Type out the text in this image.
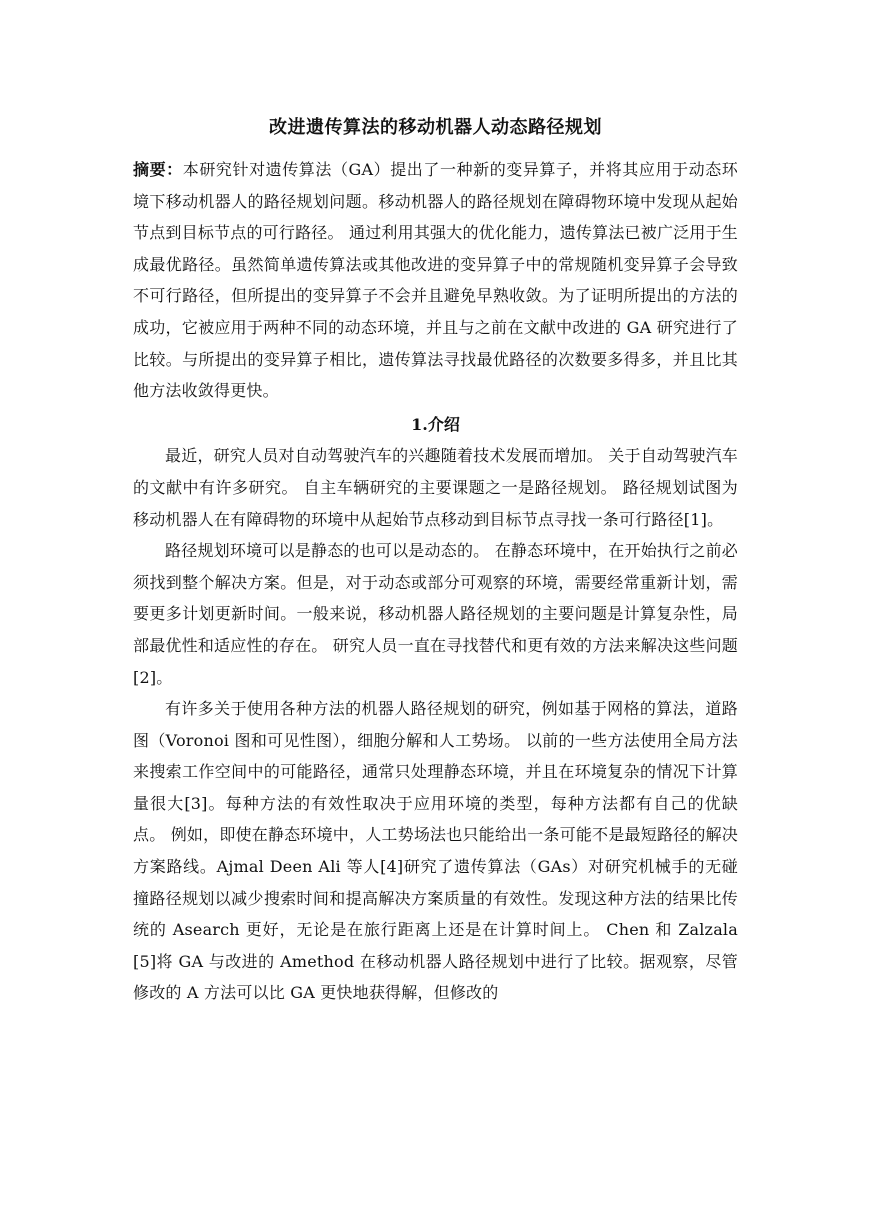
改进遗传算法的移动机器人动态路径规划

摘要：本研究针对遗传算法（GA）提出了一种新的变异算子，并将其应用于动态环境下移动机器人的路径规划问题。移动机器人的路径规划在障碍物环境中发现从起始节点到目标节点的可行路径。 通过利用其强大的优化能力，遗传算法已被广泛用于生成最优路径。虽然简单遗传算法或其他改进的变异算子中的常规随机变异算子会导致不可行路径，但所提出的变异算子不会并且避免早熟收敛。为了证明所提出的方法的成功，它被应用于两种不同的动态环境，并且与之前在文献中改进的 GA 研究进行了比较。与所提出的变异算子相比，遗传算法寻找最优路径的次数要多得多，并且比其他方法收敛得更快。

1.介绍

最近，研究人员对自动驾驶汽车的兴趣随着技术发展而增加。 关于自动驾驶汽车的文献中有许多研究。 自主车辆研究的主要课题之一是路径规划。 路径规划试图为移动机器人在有障碍物的环境中从起始节点移动到目标节点寻找一条可行路径[1]。

路径规划环境可以是静态的也可以是动态的。 在静态环境中，在开始执行之前必须找到整个解决方案。但是，对于动态或部分可观察的环境，需要经常重新计划，需要更多计划更新时间。一般来说，移动机器人路径规划的主要问题是计算复杂性，局部最优性和适应性的存在。 研究人员一直在寻找替代和更有效的方法来解决这些问题[2]。

有许多关于使用各种方法的机器人路径规划的研究，例如基于网格的算法，道路图（Voronoi 图和可见性图），细胞分解和人工势场。 以前的一些方法使用全局方法来搜索工作空间中的可能路径，通常只处理静态环境，并且在环境复杂的情况下计算量很大[3]。每种方法的有效性取决于应用环境的类型，每种方法都有自己的优缺点。 例如，即使在静态环境中，人工势场法也只能给出一条可能不是最短路径的解决方案路线。Ajmal Deen Ali 等人[4]研究了遗传算法（GAs）对研究机械手的无碰撞路径规划以减少搜索时间和提高解决方案质量的有效性。发现这种方法的结果比传统的 Asearch 更好，无论是在旅行距离上还是在计算时间上。 Chen 和 Zalzala [5]将 GA 与改进的 Amethod 在移动机器人路径规划中进行了比较。据观察，尽管修改的 A 方法可以比 GA 更快地获得解，但修改的
